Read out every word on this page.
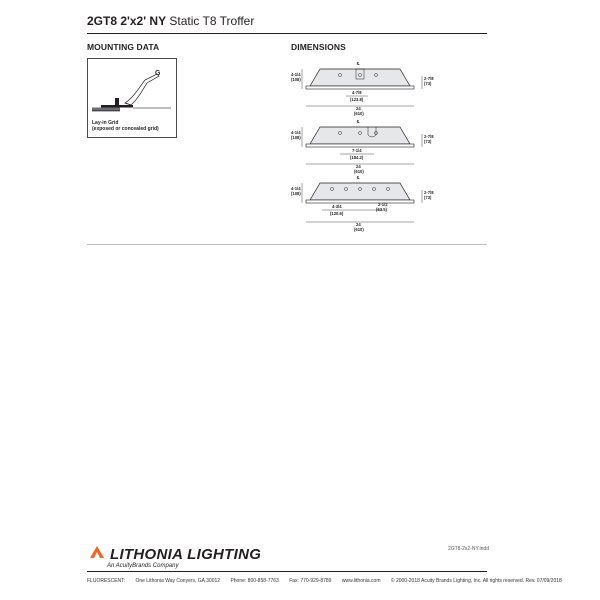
2GT8 2'x2' NY Static T8 Troffer
MOUNTING DATA	DIMENSIONS
G
Lay-in Grid
(exposed or concealed grid)
℄
4-1/4
(108)	2-7/8
(73)
4-7/8
(123.8)
24
(610)
℄
4-1/4
(108)	2-7/8
(73)
7-1/4
(184.2)
24
(610)
℄
4-1/4
(108)	2-7/8
(73)
4-3/4
(120.6)
2-1/2
(63.5)
24
(610)
LITHONIA LIGHTING
An AcuityBrands Company
2GT8-2x2-NY.indd
FLUORESCENT: One Lithonia Way Conyers, GA 30012 Phone: 800-858-7763 Fax: 770-929-8789 www.lithonia.com © 2000-2018 Acuity Brands Lighting, Inc. All rights reserved. Rev. 07/09/2018
